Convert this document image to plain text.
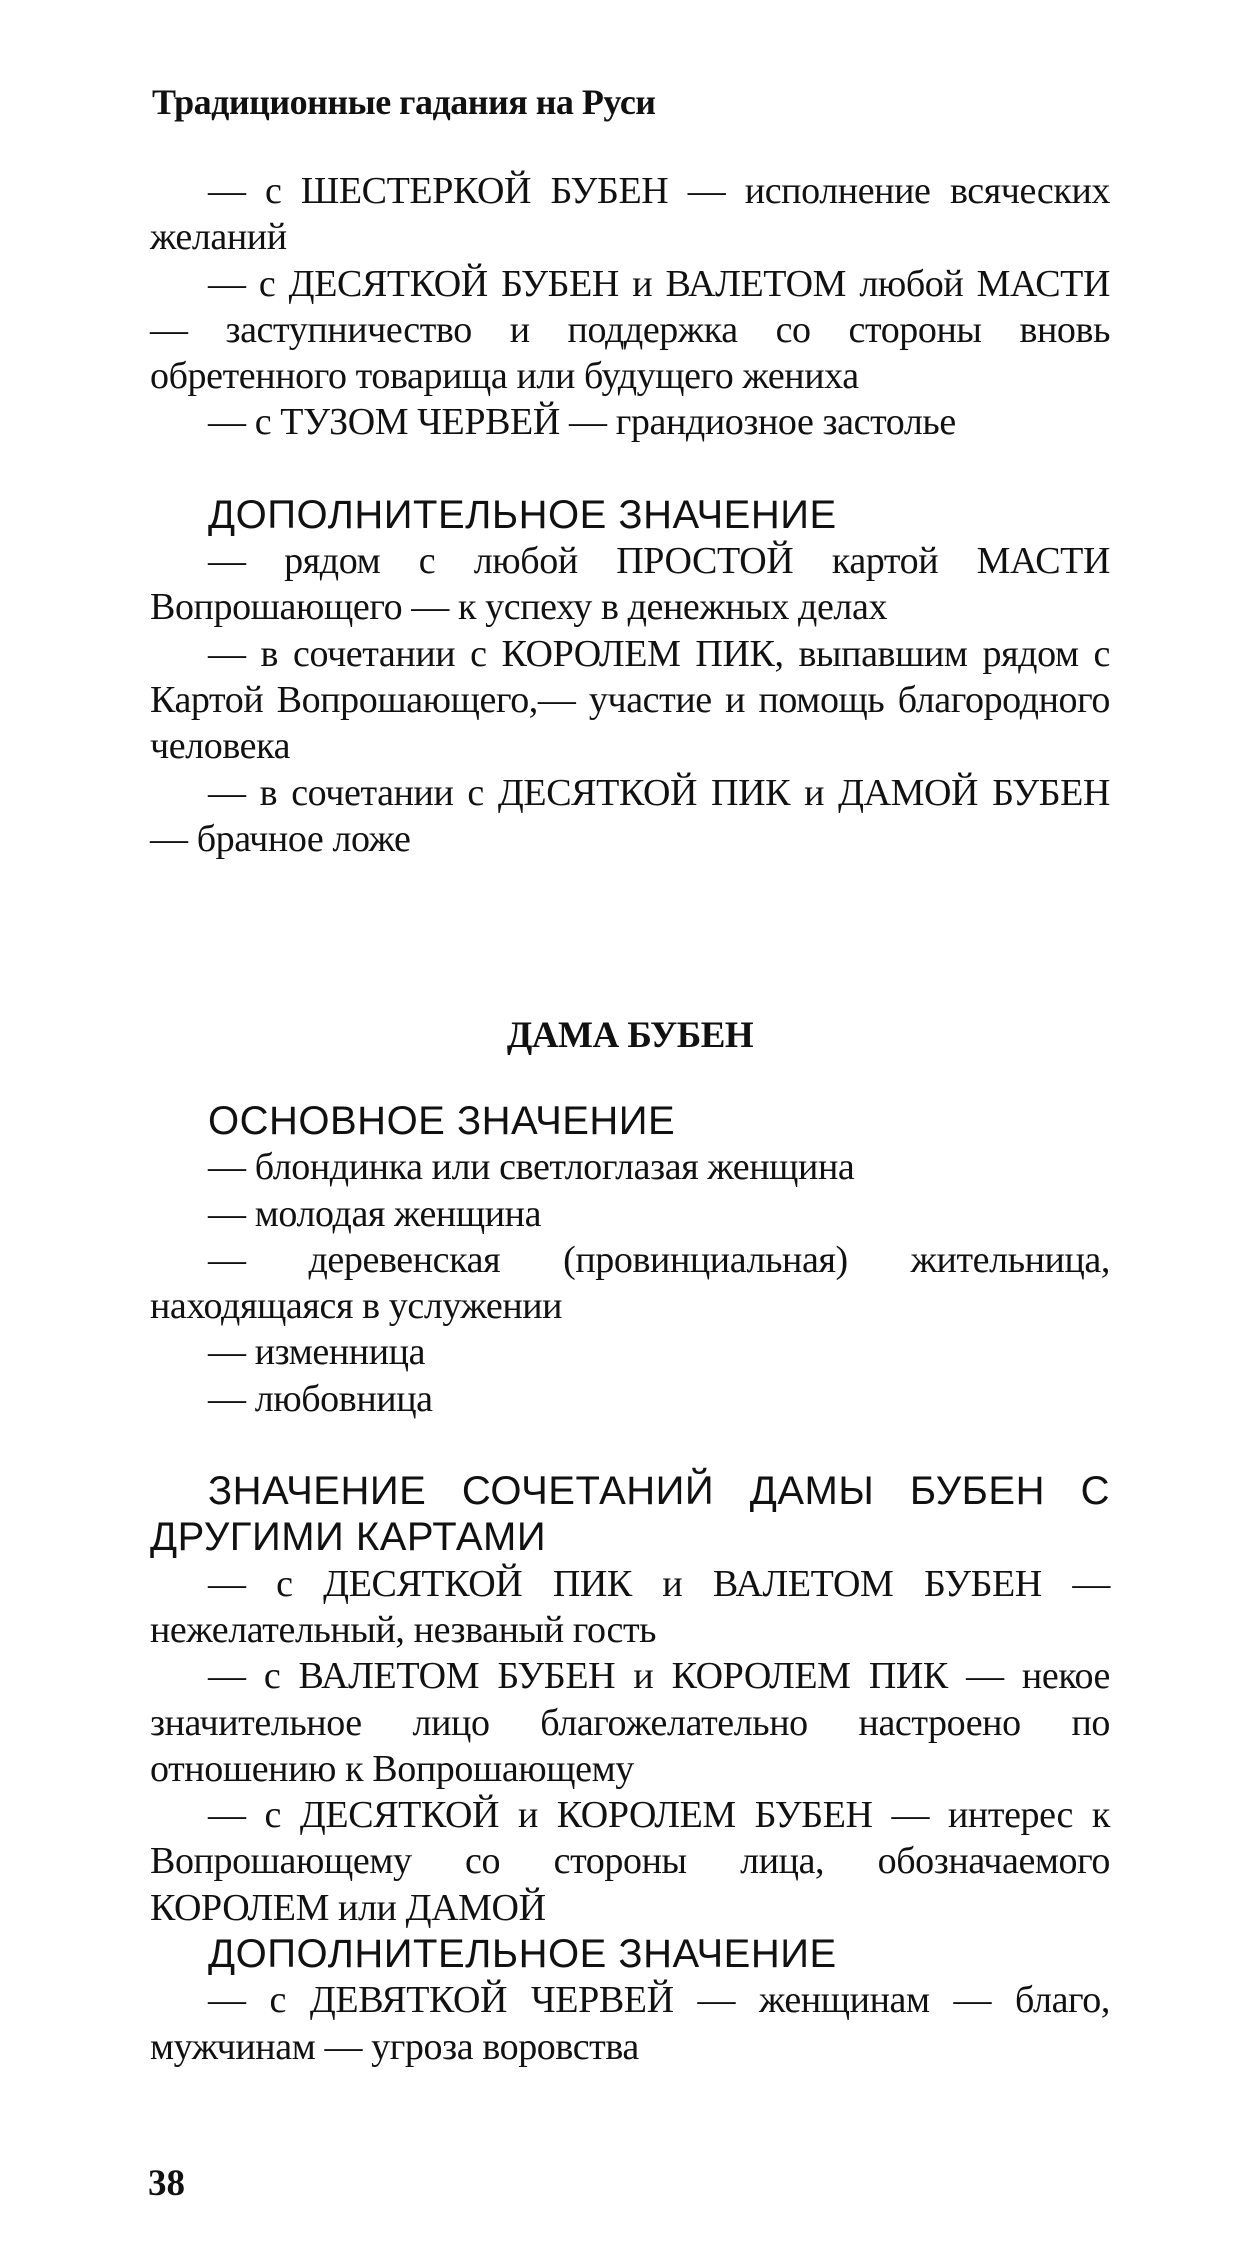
Традиционные гадания на Руси
— с ШЕСТЕРКОЙ БУБЕН — исполнение всяческих желаний
— с ДЕСЯТКОЙ БУБЕН и ВАЛЕТОМ любой МАСТИ — заступничество и поддержка со стороны вновь обретенного товарища или будущего жениха
— с ТУЗОМ ЧЕРВЕЙ — грандиозное застолье
ДОПОЛНИТЕЛЬНОЕ ЗНАЧЕНИЕ
— рядом с любой ПРОСТОЙ картой МАСТИ Вопрошающего — к успеху в денежных делах
— в сочетании с КОРОЛЕМ ПИК, выпавшим рядом с Картой Вопрошающего,— участие и помощь благородного человека
— в сочетании с ДЕСЯТКОЙ ПИК и ДАМОЙ БУБЕН — брачное ложе
ДАМА БУБЕН
ОСНОВНОЕ ЗНАЧЕНИЕ
— блондинка или светлоглазая женщина
— молодая женщина
— деревенская (провинциальная) жительница, находящаяся в услужении
— изменница
— любовница
ЗНАЧЕНИЕ СОЧЕТАНИЙ ДАМЫ БУБЕН С ДРУГИМИ КАРТАМИ
— с ДЕСЯТКОЙ ПИК и ВАЛЕТОМ БУБЕН — нежелательный, незваный гость
— с ВАЛЕТОМ БУБЕН и КОРОЛЕМ ПИК — некое значительное лицо благожелательно настроено по отношению к Вопрошающему
— с ДЕСЯТКОЙ и КОРОЛЕМ БУБЕН — интерес к Вопрошающему со стороны лица, обозначаемого КОРОЛЕМ или ДАМОЙ
ДОПОЛНИТЕЛЬНОЕ ЗНАЧЕНИЕ
— с ДЕВЯТКОЙ ЧЕРВЕЙ — женщинам — благо, мужчинам — угроза воровства
38
